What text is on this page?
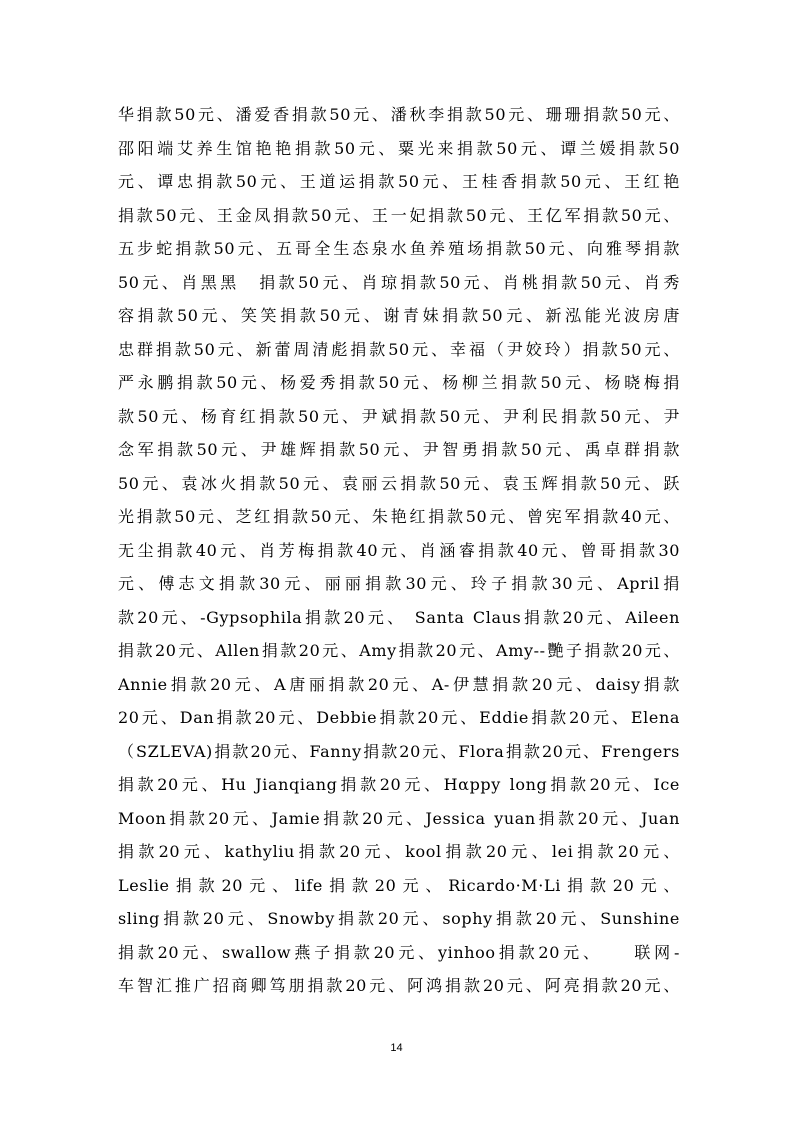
华捐款50元、潘爱香捐款50元、潘秋李捐款50元、珊珊捐款50元、
邵阳端艾养生馆艳艳捐款50元、粟光来捐款50元、谭兰媛捐款50
元、谭忠捐款50元、王道运捐款50元、王桂香捐款50元、王红艳
捐款50元、王金凤捐款50元、王一妃捐款50元、王亿军捐款50元、
五步蛇捐款50元、五哥全生态泉水鱼养殖场捐款50元、向雅琴捐款
50元、肖黑黑　捐款50元、肖琼捐款50元、肖桃捐款50元、肖秀
容捐款50元、笑笑捐款50元、谢青妹捐款50元、新泓能光波房唐
忠群捐款50元、新蕾周清彪捐款50元、幸福（尹姣玲）捐款50元、
严永鹏捐款50元、杨爱秀捐款50元、杨柳兰捐款50元、杨晓梅捐
款50元、杨育红捐款50元、尹斌捐款50元、尹利民捐款50元、尹
念军捐款50元、尹雄辉捐款50元、尹智勇捐款50元、禹卓群捐款
50元、袁冰火捐款50元、袁丽云捐款50元、袁玉辉捐款50元、跃
光捐款50元、芝红捐款50元、朱艳红捐款50元、曾宪军捐款40元、
无尘捐款40元、肖芳梅捐款40元、肖涵睿捐款40元、曾哥捐款30
元、傅志文捐款30元、丽丽捐款30元、玲子捐款30元、April捐
款20元、-Gypsophila捐款20元、 Santa Claus捐款20元、Aileen
捐款20元、Allen捐款20元、Amy捐款20元、Amy--艷子捐款20元、
Annie捐款20元、A唐丽捐款20元、A-伊慧捐款20元、daisy捐款
20元、Dan捐款20元、Debbie捐款20元、Eddie捐款20元、Elena
（SZLEVA)捐款20元、Fanny捐款20元、Flora捐款20元、Frengers
捐款20元、Hu Jianqiang捐款20元、Hαppy long捐款20元、Ice
Moon捐款20元、Jamie捐款20元、Jessica yuan捐款20元、Juan
捐款20元、kathyliu捐款20元、kool捐款20元、lei捐款20元、
Leslie捐款20元、life捐款20元、Ricardo·M·Li捐款20元、
sling捐款20元、Snowby捐款20元、sophy捐款20元、Sunshine
捐款20元、swallow燕子捐款20元、yinhoo捐款20元、　　联网-
车智汇推广招商卿笃朋捐款20元、阿鸿捐款20元、阿亮捐款20元、
14
